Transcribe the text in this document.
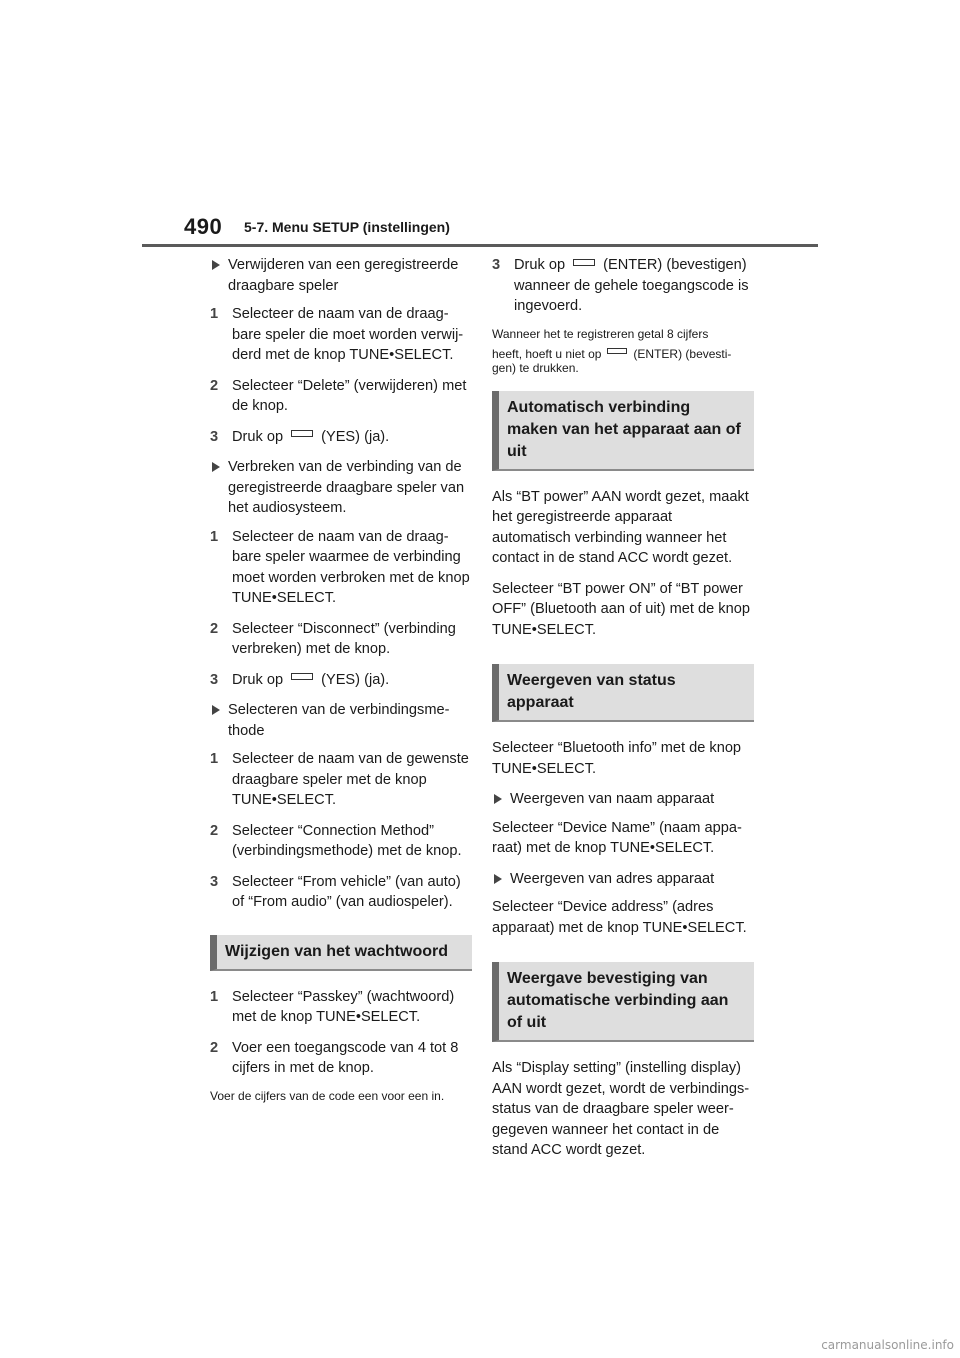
490 5-7. Menu SETUP (instellingen)
Verwijderen van een geregistreerde draagbare speler
1 Selecteer de naam van de draag-bare speler die moet worden verwij-derd met de knop TUNE•SELECT.
2 Selecteer “Delete” (verwijderen) met de knop.
3 Druk op	(YES) (ja).
Verbreken van de verbinding van de geregistreerde draagbare speler van het audiosysteem.
1 Selecteer de naam van de draag-bare speler waarmee de verbinding moet worden verbroken met de knop TUNE•SELECT.
2 Selecteer “Disconnect” (verbinding verbreken) met de knop.
3 Druk op	(YES) (ja).
Selecteren van de verbindingsme-thode
1 Selecteer de naam van de gewenste draagbare speler met de knop TUNE•SELECT.
2 Selecteer “Connection Method” (verbindingsmethode) met de knop.
3 Selecteer “From vehicle” (van auto) of “From audio” (van audiospeler).
Wijzigen van het wachtwoord
1 Selecteer “Passkey” (wachtwoord) met de knop TUNE•SELECT.
2 Voer een toegangscode van 4 tot 8 cijfers in met de knop.
Voer de cijfers van de code een voor een in.
3 Druk op	(ENTER) (bevestigen) wanneer de gehele toegangscode is ingevoerd.
Wanneer het te registreren getal 8 cijfers
heeft, hoeft u niet op	(ENTER) (bevesti-gen) te drukken.
Automatisch verbinding maken van het apparaat aan of uit

Als “BT power” AAN wordt gezet, maakt het geregistreerde apparaat automatisch verbinding wanneer het contact in de stand ACC wordt gezet.

Selecteer “BT power ON” of “BT power OFF” (Bluetooth aan of uit) met de knop TUNE•SELECT.

Weergeven van status apparaat

Selecteer “Bluetooth info” met de knop TUNE•SELECT.

Weergeven van naam apparaat

Selecteer “Device Name” (naam appa-raat) met de knop TUNE•SELECT.

Weergeven van adres apparaat

Selecteer “Device address” (adres apparaat) met de knop TUNE•SELECT.

Weergave bevestiging van automatische verbinding aan of uit

Als “Display setting” (instelling display) AAN wordt gezet, wordt de verbindings-status van de draagbare speler weer-gegeven wanneer het contact in de stand ACC wordt gezet.

carmanualsonline.info
